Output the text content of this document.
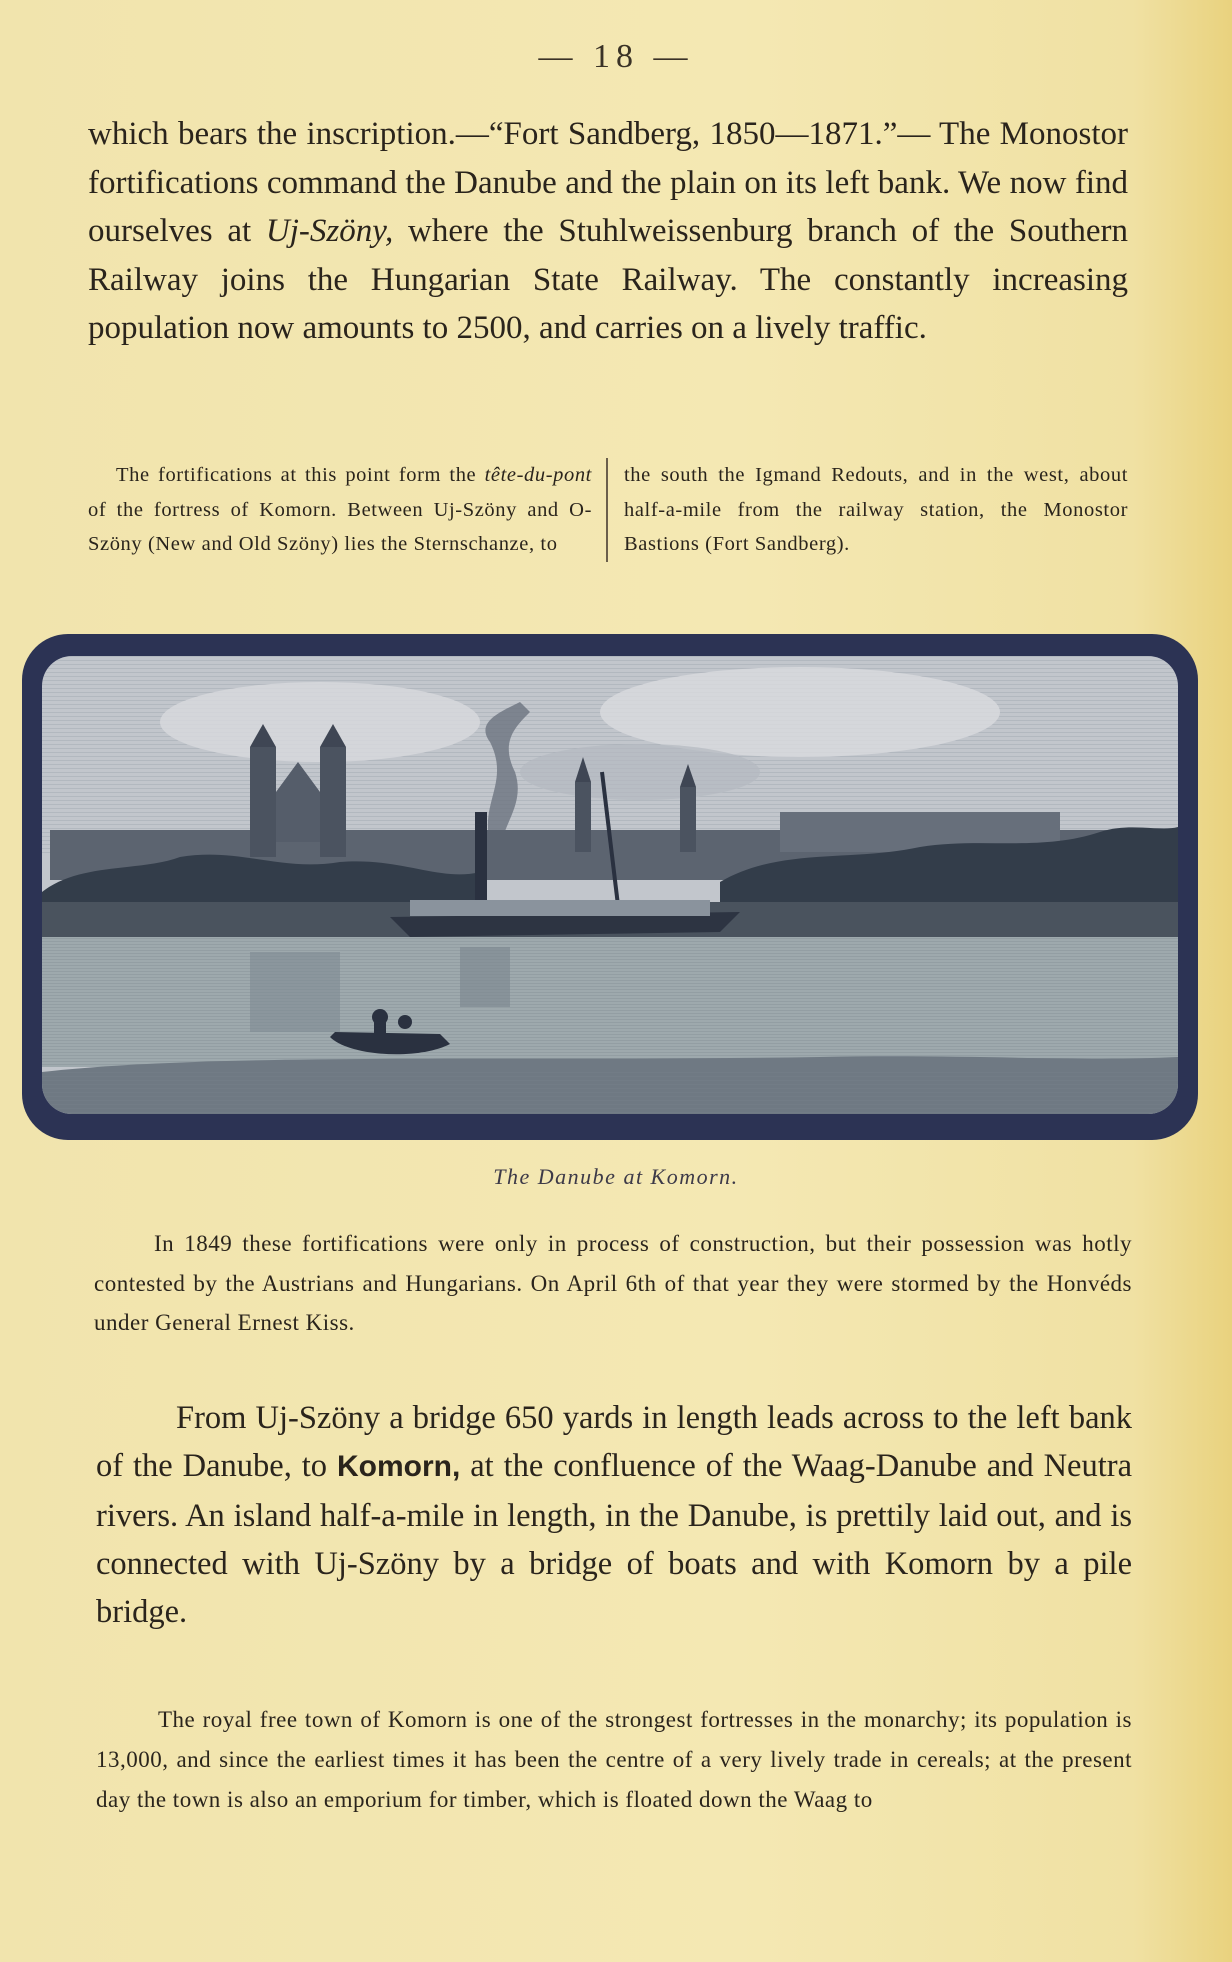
— 18 —
which bears the inscription.—“Fort Sandberg, 1850—1871.”— The Monostor fortifications command the Danube and the plain on its left bank. We now find ourselves at Uj-Szöny, where the Stuhlweissenburg branch of the Southern Railway joins the Hungarian State Railway. The constantly increasing population now amounts to 2500, and carries on a lively traffic.
The fortifications at this point form the tête-du-pont of the fortress of Komorn. Between Uj-Szöny and O-Szöny (New and Old Szöny) lies the Sternschanze, to
the south the Igmand Redouts, and in the west, about half-a-mile from the railway station, the Monostor Bastions (Fort Sandberg).
The Danube at Komorn.
In 1849 these fortifications were only in process of construction, but their possession was hotly contested by the Austrians and Hungarians. On April 6th of that year they were stormed by the Honvéds under General Ernest Kiss.
From Uj-Szöny a bridge 650 yards in length leads across to the left bank of the Danube, to Komorn, at the confluence of the Waag-Danube and Neutra rivers. An island half-a-mile in length, in the Danube, is prettily laid out, and is connected with Uj-Szöny by a bridge of boats and with Komorn by a pile bridge.
The royal free town of Komorn is one of the strongest fortresses in the monarchy; its population is 13,000, and since the earliest times it has been the centre of a very lively trade in cereals; at the present day the town is also an emporium for timber, which is floated down the Waag to
